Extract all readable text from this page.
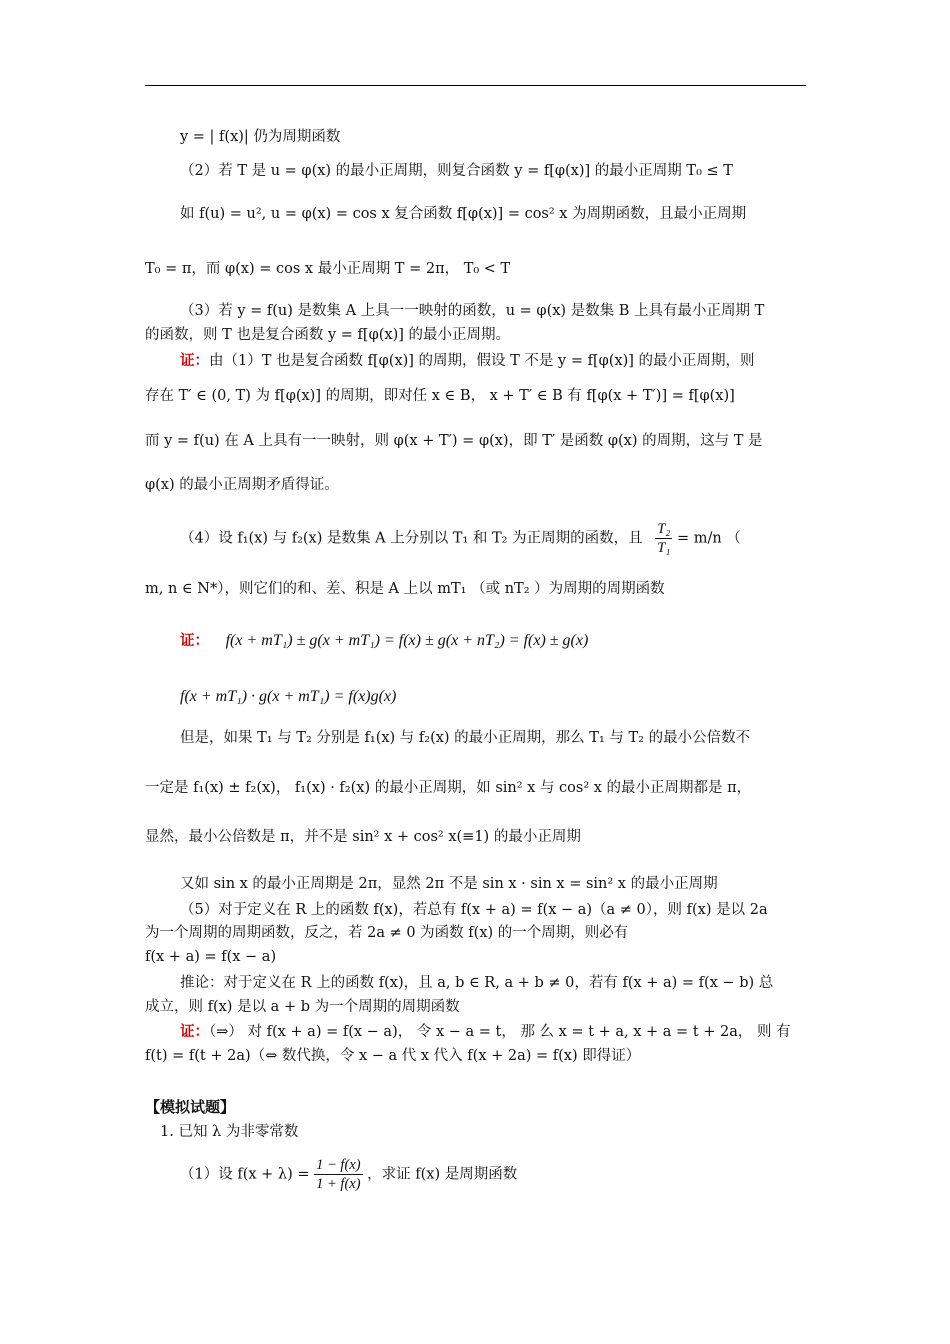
y = | f(x)| 仍为周期函数
（2）若 T 是 u = φ(x) 的最小正周期，则复合函数 y = f[φ(x)] 的最小正周期 T₀ ≤ T
如 f(u) = u², u = φ(x) = cos x 复合函数 f[φ(x)] = cos² x 为周期函数，且最小正周期
T₀ = π，而 φ(x) = cos x 最小正周期 T = 2π， T₀ < T
（3）若 y = f(u) 是数集 A 上具一一映射的函数，u = φ(x) 是数集 B 上具有最小正周期 T
的函数，则 T 也是复合函数 y = f[φ(x)] 的最小正周期。
证：由（1）T 也是复合函数 f[φ(x)] 的周期，假设 T 不是 y = f[φ(x)] 的最小正周期，则
存在 T′ ∈ (0, T) 为 f[φ(x)] 的周期，即对任 x ∈ B， x + T′ ∈ B 有 f[φ(x + T′)] = f[φ(x)]
而 y = f(u) 在 A 上具有一一映射，则 φ(x + T′) = φ(x)，即 T′ 是函数 φ(x) 的周期，这与 T 是
φ(x) 的最小正周期矛盾得证。
（4）设 f₁(x) 与 f₂(x) 是数集 A 上分别以 T₁ 和 T₂ 为正周期的函数，且 $\frac{\text{T₂}}{\text{T₁}} = m/n$ （
m, n ∈ N*），则它们的和、差、积是 A 上以 mT₁ （或 nT₂ ）为周期的周期函数
证： f(x + mT₁) ± g(x + mT₁) = f(x) ± g(x + nT₂) = f(x) ± g(x)
f(x + mT₁) · g(x + mT₁) = f(x)g(x)
但是，如果 T₁ 与 T₂ 分别是 f₁(x) 与 f₂(x) 的最小正周期，那么 T₁ 与 T₂ 的最小公倍数不
一定是 f₁(x) ± f₂(x)， f₁(x) · f₂(x) 的最小正周期，如 sin² x 与 cos² x 的最小正周期都是 π，
显然，最小公倍数是 π，并不是 sin² x + cos² x(≡1) 的最小正周期
又如 sin x 的最小正周期是 2π，显然 2π 不是 sin x · sin x = sin² x 的最小正周期
（5）对于定义在 R 上的函数 f(x)，若总有 f(x + a) = f(x − a)（a ≠ 0），则 f(x) 是以 2a
为一个周期的周期函数，反之，若 2a ≠ 0 为函数 f(x) 的一个周期，则必有
f(x + a) = f(x − a)
推论：对于定义在 R 上的函数 f(x)，且 a, b ∈ R, a + b ≠ 0，若有 f(x + a) = f(x − b) 总
成立，则 f(x) 是以 a + b 为一个周期的周期函数
证：（⇒） 对 f(x + a) = f(x − a)， 令 x − a = t， 那 么 x = t + a, x + a = t + 2a， 则 有
f(t) = f(t + 2a)（⇔ 数代换，令 x − a 代 x 代入 f(x + 2a) = f(x) 即得证）
【模拟试题】
1. 已知 λ 为非零常数
（1）设 $f(x + \lambda) = \frac{1 - f(x)}{1 + f(x)}$ ，求证 f(x) 是周期函数
